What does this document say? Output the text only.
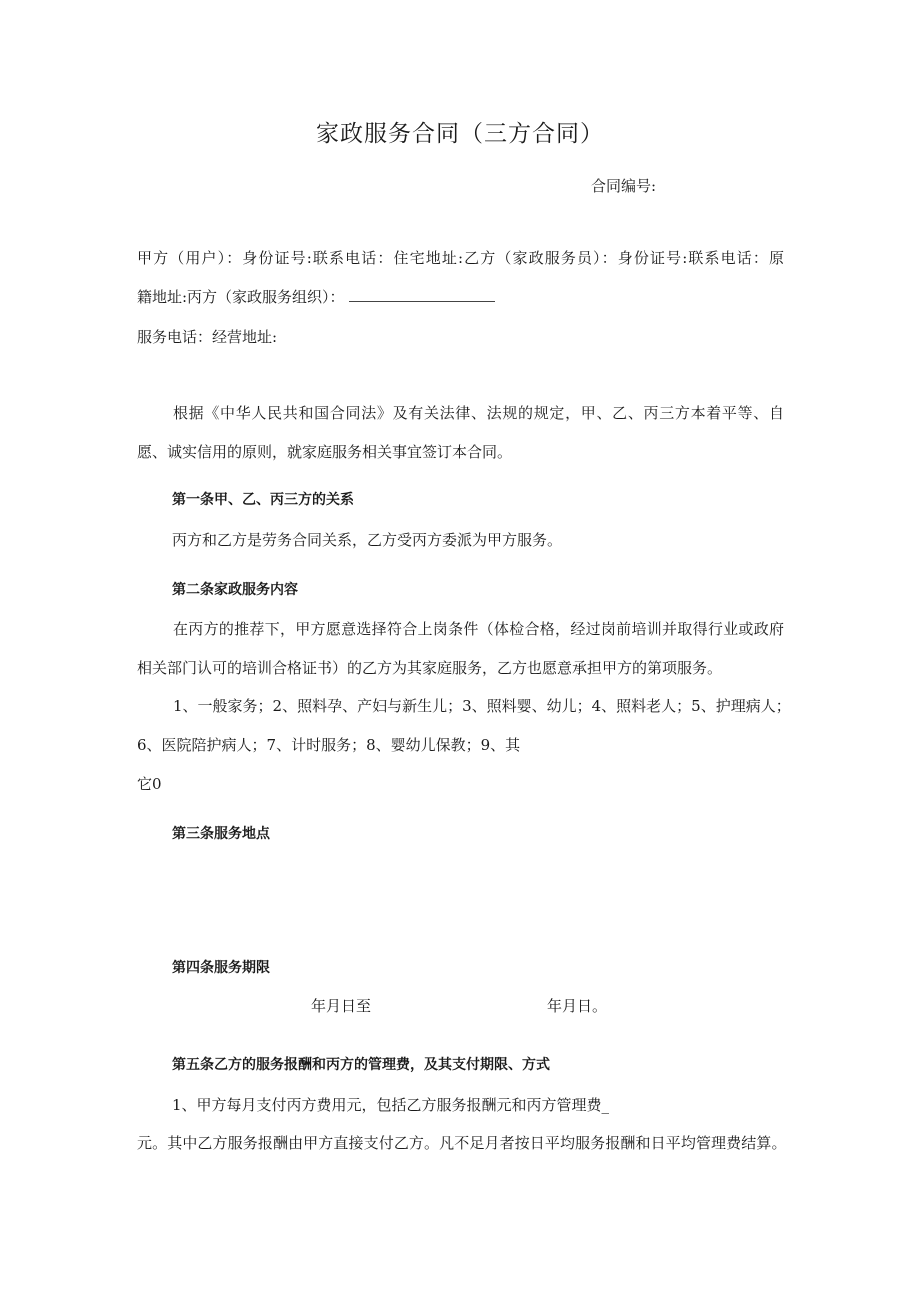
家政服务合同（三方合同）
合同编号:
甲方（用户）：身份证号:联系电话：住宅地址:乙方（家政服务员）：身份证号:联系电话：原
籍地址:丙方（家政服务组织）：
服务电话：经营地址:
根据《中华人民共和国合同法》及有关法律、法规的规定，甲、乙、丙三方本着平等、自
愿、诚实信用的原则，就家庭服务相关事宜签订本合同。
第一条甲、乙、丙三方的关系
丙方和乙方是劳务合同关系，乙方受丙方委派为甲方服务。
第二条家政服务内容
在丙方的推荐下，甲方愿意选择符合上岗条件（体检合格，经过岗前培训并取得行业或政府
相关部门认可的培训合格证书）的乙方为其家庭服务，乙方也愿意承担甲方的第项服务。
1、一般家务；2、照料孕、产妇与新生儿；3、照料婴、幼儿；4、照料老人；5、护理病人；
6、医院陪护病人；7、计时服务；8、婴幼儿保教；9、其
它0
第三条服务地点
第四条服务期限
年月日至	年月日。
第五条乙方的服务报酬和丙方的管理费，及其支付期限、方式
1、甲方每月支付丙方费用元，包括乙方服务报酬元和丙方管理费_
元。其中乙方服务报酬由甲方直接支付乙方。凡不足月者按日平均服务报酬和日平均管理费结算。
